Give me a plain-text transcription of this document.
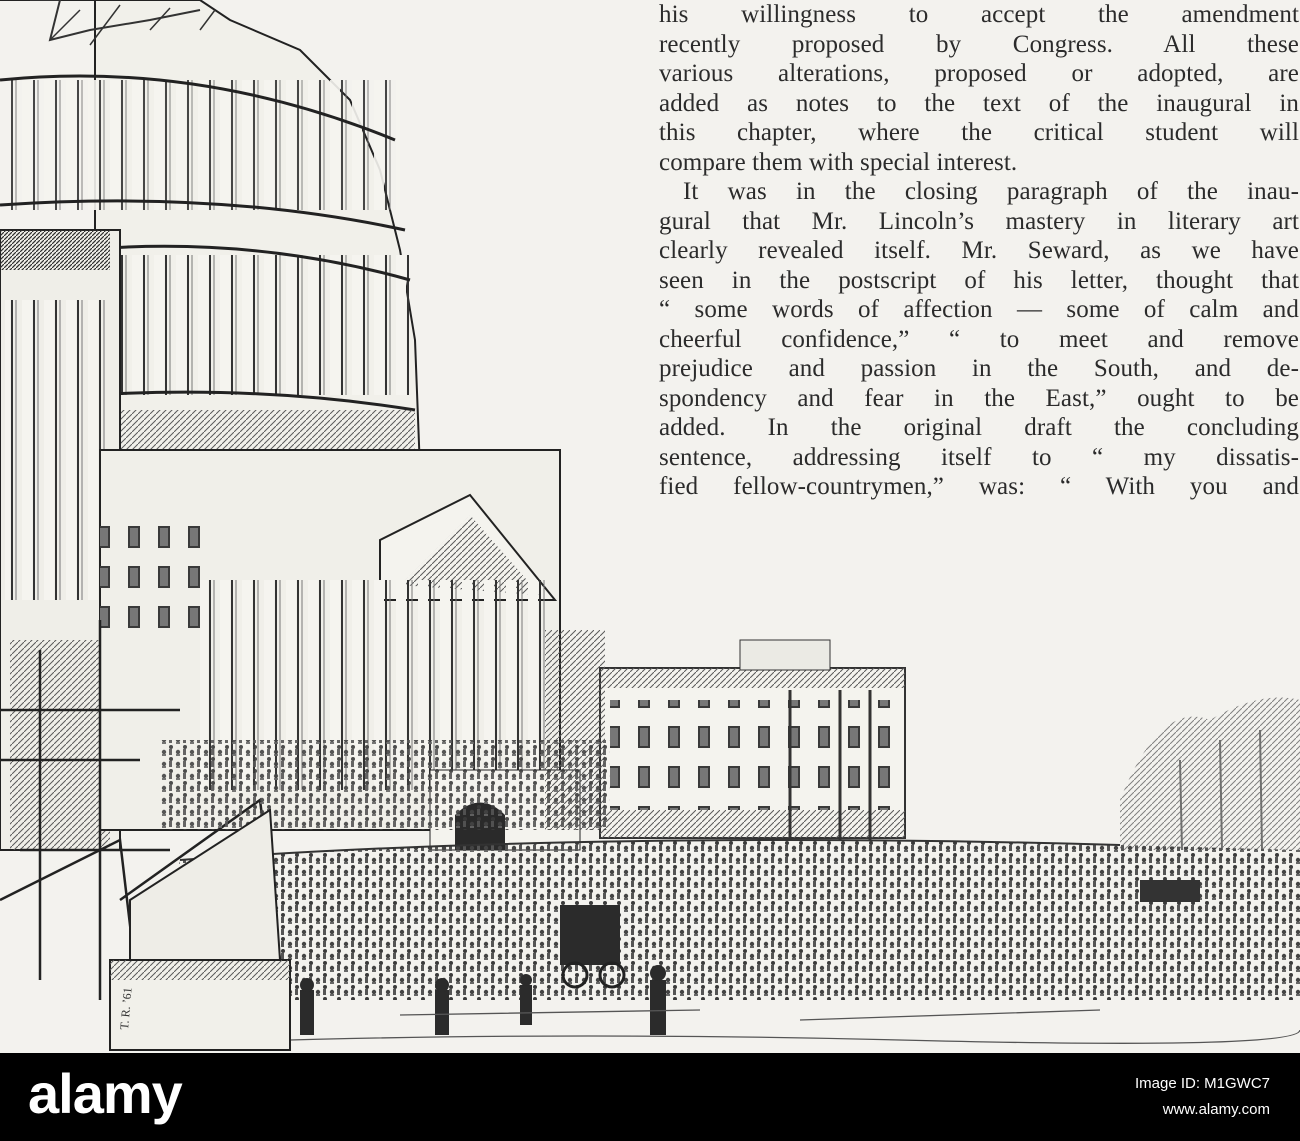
T. R. ’61
his willingness to accept the amendment
recently proposed by Congress. All these
various alterations, proposed or adopted, are
added as notes to the text of the inaugural in
this chapter, where the critical student will
compare them with special interest.
It was in the closing paragraph of the inau-
gural that Mr. Lincoln’s mastery in literary art
clearly revealed itself. Mr. Seward, as we have
seen in the postscript of his letter, thought that
“ some words of affection — some of calm and
cheerful confidence,” “ to meet and remove
prejudice and passion in the South, and de-
spondency and fear in the East,” ought to be
added. In the original draft the concluding
sentence, addressing itself to “ my dissatis-
fied fellow-countrymen,” was: “ With you and
alamy	Image ID: M1GWC7
www.alamy.com
